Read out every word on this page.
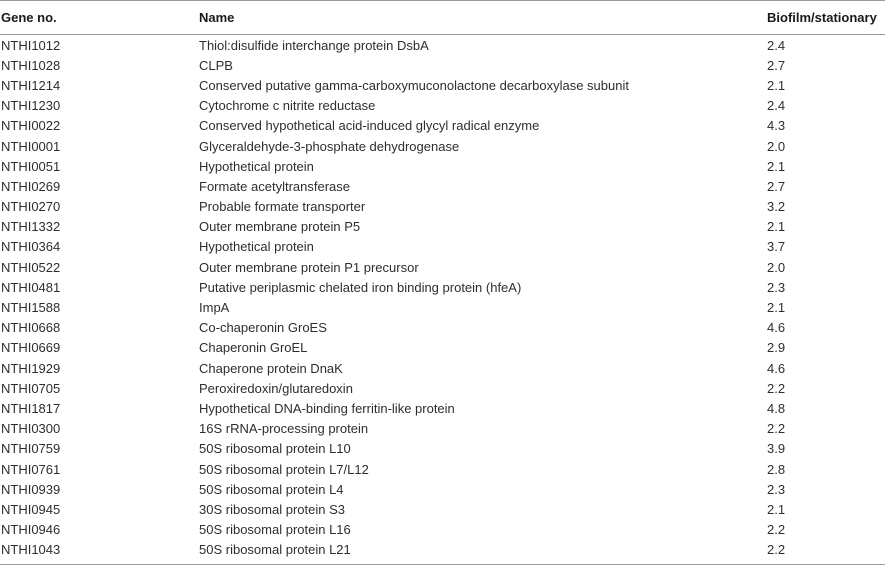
Gene no.	Name	Biofilm/stationary
NTHI1012	Thiol:disulfide interchange protein DsbA	2.4
NTHI1028	CLPB	2.7
NTHI1214	Conserved putative gamma-carboxymuconolactone decarboxylase subunit	2.1
NTHI1230	Cytochrome c nitrite reductase	2.4
NTHI0022	Conserved hypothetical acid-induced glycyl radical enzyme	4.3
NTHI0001	Glyceraldehyde-3-phosphate dehydrogenase	2.0
NTHI0051	Hypothetical protein	2.1
NTHI0269	Formate acetyltransferase	2.7
NTHI0270	Probable formate transporter	3.2
NTHI1332	Outer membrane protein P5	2.1
NTHI0364	Hypothetical protein	3.7
NTHI0522	Outer membrane protein P1 precursor	2.0
NTHI0481	Putative periplasmic chelated iron binding protein (hfeA)	2.3
NTHI1588	ImpA	2.1
NTHI0668	Co-chaperonin GroES	4.6
NTHI0669	Chaperonin GroEL	2.9
NTHI1929	Chaperone protein DnaK	4.6
NTHI0705	Peroxiredoxin/glutaredoxin	2.2
NTHI1817	Hypothetical DNA-binding ferritin-like protein	4.8
NTHI0300	16S rRNA-processing protein	2.2
NTHI0759	50S ribosomal protein L10	3.9
NTHI0761	50S ribosomal protein L7/L12	2.8
NTHI0939	50S ribosomal protein L4	2.3
NTHI0945	30S ribosomal protein S3	2.1
NTHI0946	50S ribosomal protein L16	2.2
NTHI1043	50S ribosomal protein L21	2.2
